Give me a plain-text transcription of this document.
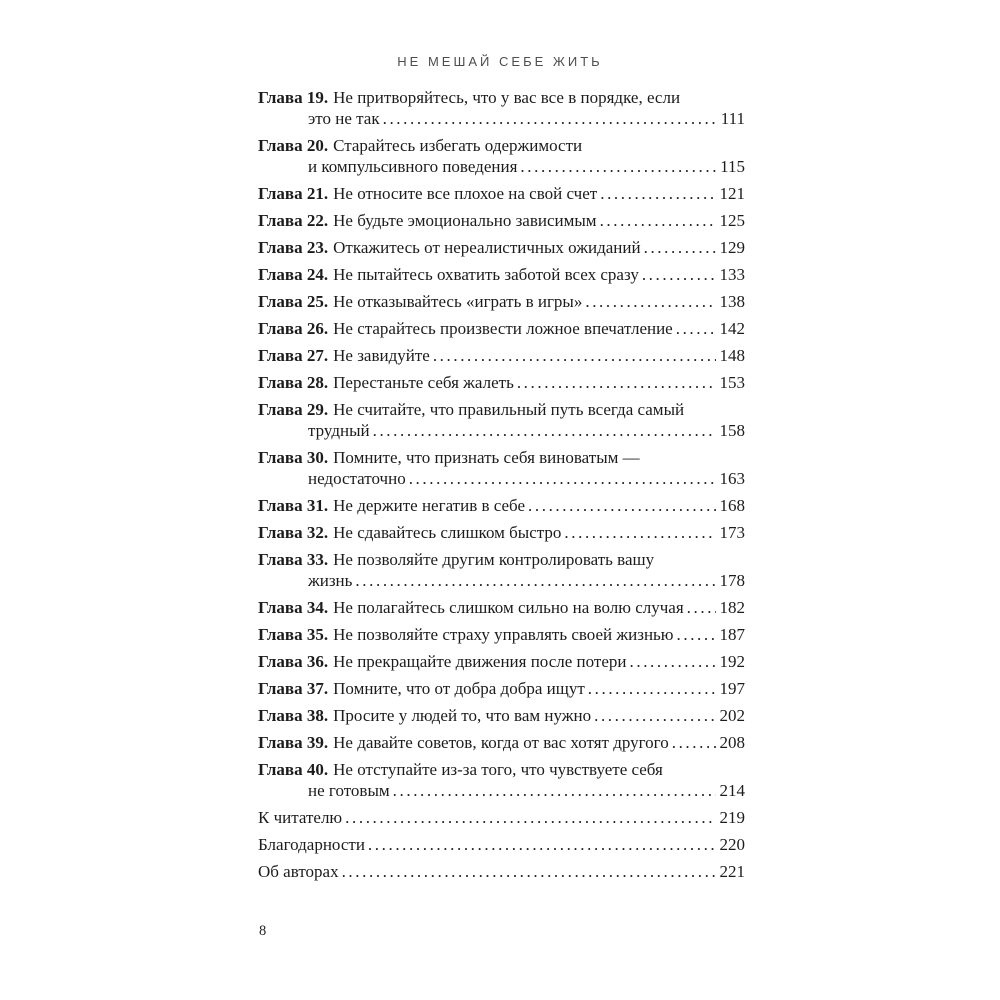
НЕ МЕШАЙ СЕБЕ ЖИТЬ
Глава 19. Не притворяйтесь, что у вас все в порядке, если
это не так .....	111
Глава 20. Старайтесь избегать одержимости
и компульсивного поведения .....	115
Глава 21. Не относите все плохое на свой счет .....	121
Глава 22. Не будьте эмоционально зависимым .....	125
Глава 23. Откажитесь от нереалистичных ожиданий .....	129
Глава 24. Не пытайтесь охватить заботой всех сразу .....	133
Глава 25. Не отказывайтесь «играть в игры» .....	138
Глава 26. Не старайтесь произвести ложное впечатление .....	142
Глава 27. Не завидуйте .....	148
Глава 28. Перестаньте себя жалеть .....	153
Глава 29. Не считайте, что правильный путь всегда самый
трудный .....	158
Глава 30. Помните, что признать себя виноватым —
недостаточно .....	163
Глава 31. Не держите негатив в себе .....	168
Глава 32. Не сдавайтесь слишком быстро .....	173
Глава 33. Не позволяйте другим контролировать вашу
жизнь .....	178
Глава 34. Не полагайтесь слишком сильно на волю случая ..... 182
Глава 35. Не позволяйте страху управлять своей жизнью .....	187
Глава 36. Не прекращайте движения после потери .....	192
Глава 37. Помните, что от добра добра ищут .....	197
Глава 38. Просите у людей то, что вам нужно .....	202
Глава 39. Не давайте советов, когда от вас хотят другого .....	208
Глава 40. Не отступайте из-за того, что чувствуете себя
не готовым .....	214
К читателю .....	219
Благодарности .....	220
Об авторах .....	221
8
